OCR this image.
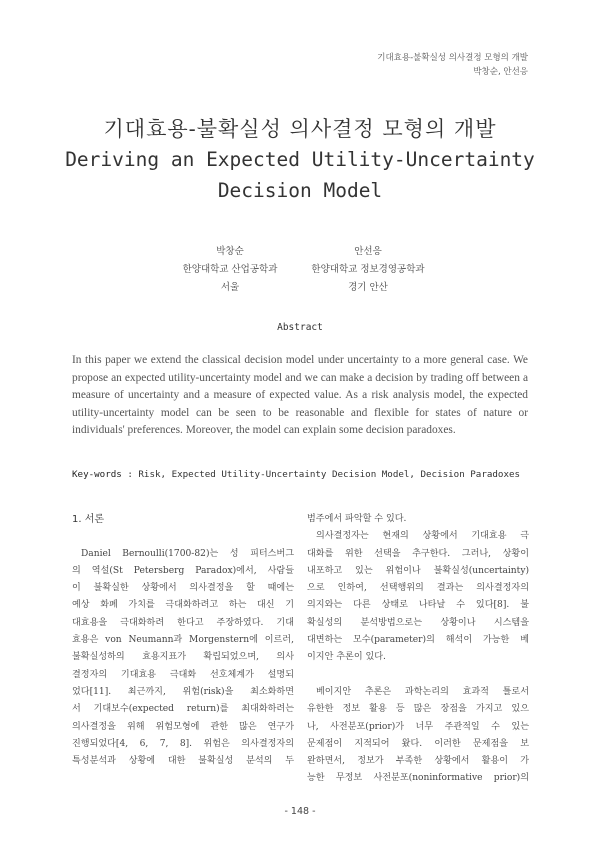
기대효용-불확실성 의사결정 모형의 개발
박창순, 안선응
기대효용-불확실성 의사결정 모형의 개발
Deriving an Expected Utility-Uncertainty
Decision Model
박창순
한양대학교 산업공학과
서울
안선응
한양대학교 정보경영공학과
경기 안산
Abstract
In this paper we extend the classical decision model under uncertainty to a more general case. We propose an expected utility-uncertainty model and we can make a decision by trading off between a measure of uncertainty and a measure of expected value. As a risk analysis model, the expected utility-uncertainty model can be seen to be reasonable and flexible for states of nature or individuals' preferences. Moreover, the model can explain some decision paradoxes.
Key-words : Risk, Expected Utility-Uncertainty Decision Model, Decision Paradoxes
1. 서론
Daniel Bernoulli(1700-82)는 성 피터스버그
의 역설(St Petersberg Paradox)에서, 사람들
이 불확실한 상황에서 의사결정을 할 때에는
예상 화폐 가치를 극대화하려고 하는 대신 기
대효용을 극대화하려 한다고 주장하였다. 기대
효용은 von Neumann과 Morgenstern에 이르러,
불확실성하의 효용지표가 확립되었으며, 의사
결정자의 기대효용 극대화 선호체계가 설명되
었다[11]. 최근까지, 위험(risk)을 최소화하면
서 기대보수(expected return)를 최대화하려는
의사결정을 위해 위험모형에 관한 많은 연구가
진행되었다[4, 6, 7, 8]. 위험은 의사결정자의
특성분석과 상황에 대한 불확실성 분석의 두
범주에서 파악할 수 있다.
의사결정자는 현재의 상황에서 기대효용 극
대화를 위한 선택을 추구한다. 그러나, 상황이
내포하고 있는 위험이나 불확실성(uncertainty)
으로 인하여, 선택행위의 결과는 의사결정자의
의지와는 다른 상태로 나타날 수 있다[8]. 불
확실성의 분석방법으로는 상황이나 시스템을
대변하는 모수(parameter)의 해석이 가능한 베
이지안 추론이 있다.
베이지안 추론은 과학논리의 효과적 틀로서
유한한 정보 활용 등 많은 장점을 가지고 있으
나, 사전분포(prior)가 너무 주관적일 수 있는
문제점이 지적되어 왔다. 이러한 문제점을 보
완하면서, 정보가 부족한 상황에서 활용이 가
능한 무정보 사전분포(noninformative prior)의
- 148 -
